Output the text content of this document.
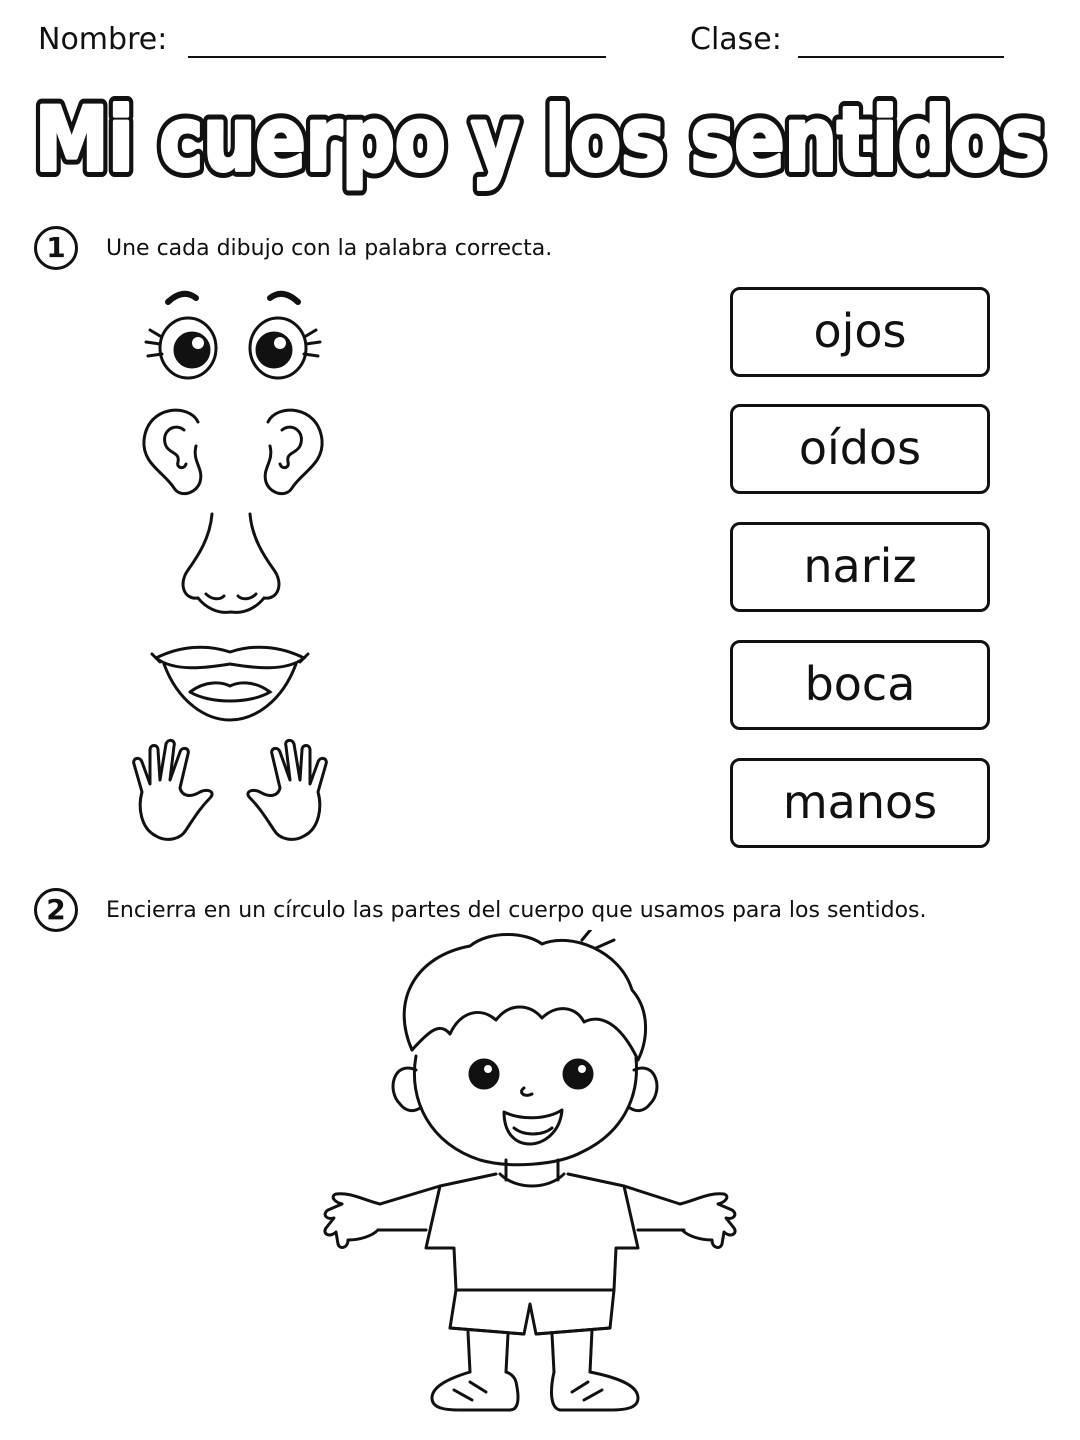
Nombre:	Clase:
Mi cuerpo y los sentidos
Mi cuerpo y los sentidos
1	Une cada dibujo con la palabra correcta.
ojos
oídos
nariz
boca
manos
2	Encierra en un círculo las partes del cuerpo que usamos para los sentidos.
